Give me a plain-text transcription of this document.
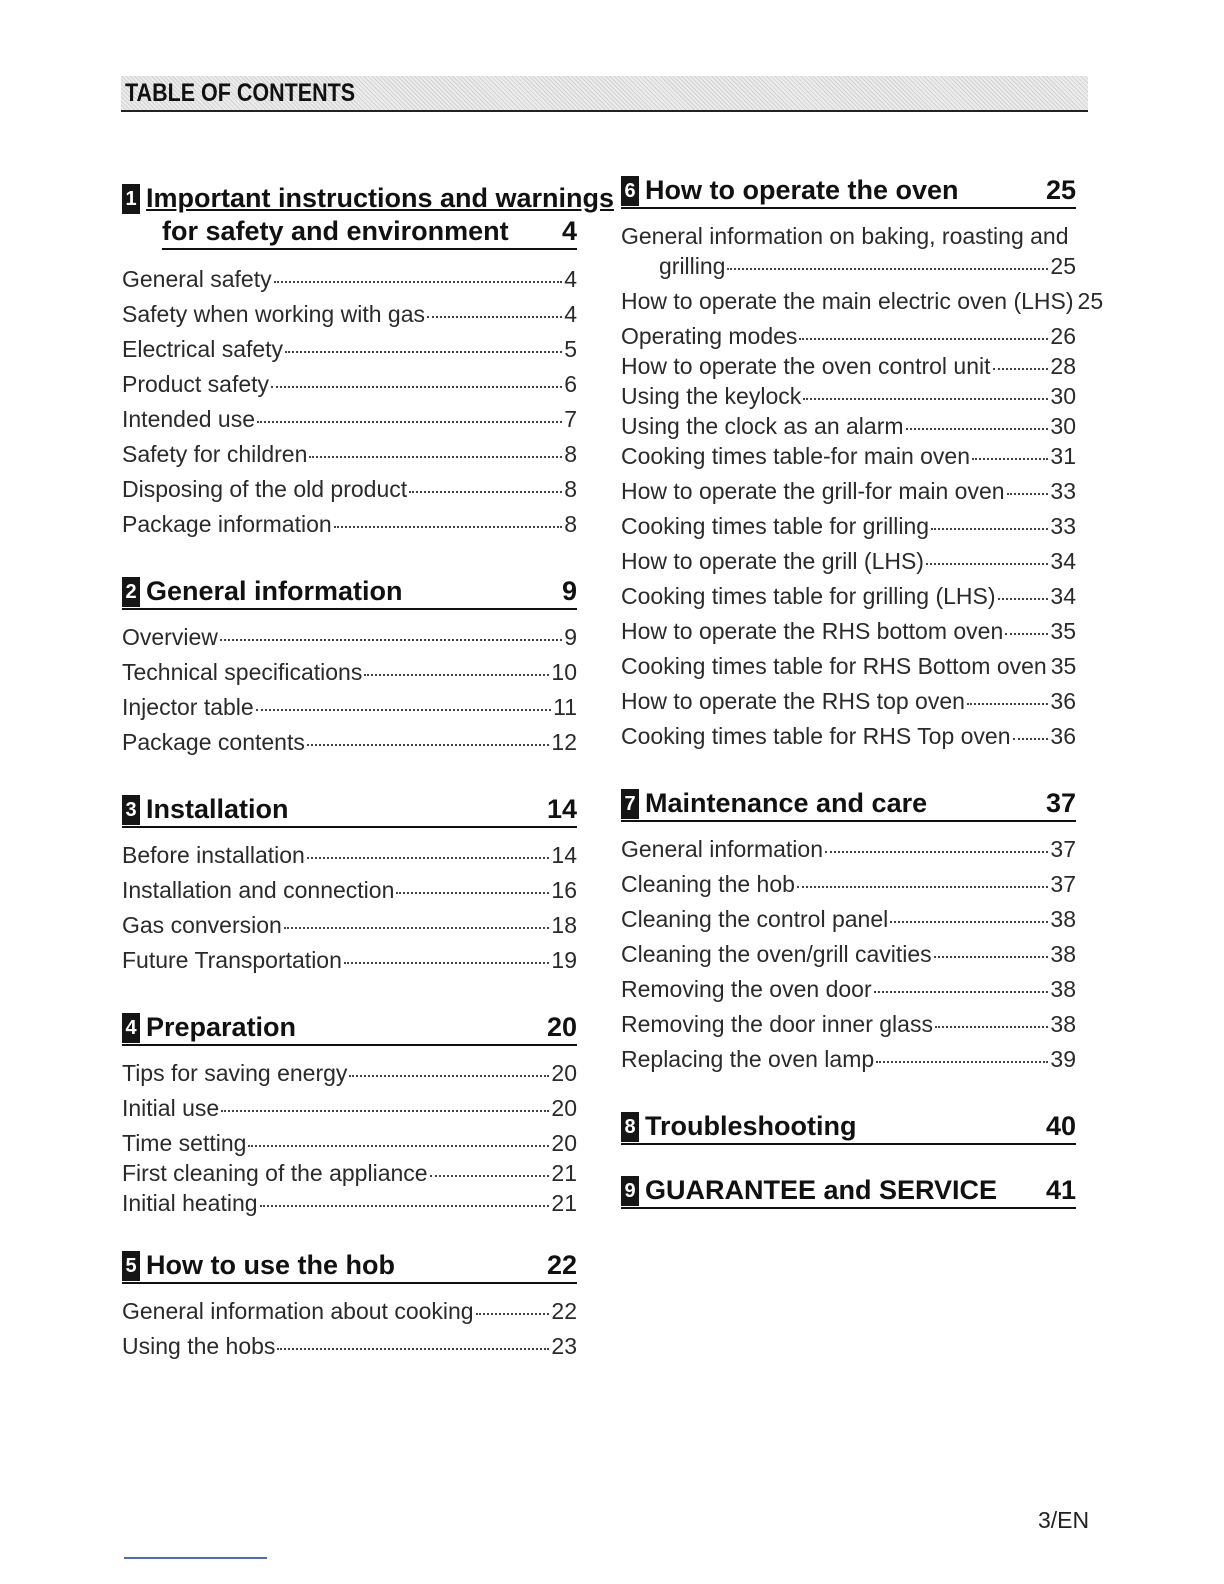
TABLE OF CONTENTS
1 Important instructions and warnings
for safety and environment	4
General safety	4
Safety when working with gas	4
Electrical safety	5
Product safety	6
Intended use	7
Safety for children	8
Disposing of the old product	8
Package information	8
2 General information	9
Overview	9
Technical specifications	10
Injector table	11
Package contents	12
3 Installation	14
Before installation	14
Installation and connection	16
Gas conversion	18
Future Transportation	19
4 Preparation	20
Tips for saving energy	20
Initial use	20
Time setting	20
First cleaning of the appliance	21
Initial heating	21
5 How to use the hob	22
General information about cooking	22
Using the hobs	23
6 How to operate the oven	25
General information on baking, roasting and
grilling	25
How to operate the main electric oven (LHS) 25
Operating modes	26
How to operate the oven control unit	28
Using the keylock	30
Using the clock as an alarm	30
Cooking times table-for main oven	31
How to operate the grill-for main oven 33
Cooking times table for grilling	33
How to operate the grill (LHS)	34
Cooking times table for grilling (LHS) 34
How to operate the RHS bottom oven 35
Cooking times table for RHS Bottom oven 35
How to operate the RHS top oven	36
Cooking times table for RHS Top oven 36
7 Maintenance and care	37
General information	37
Cleaning the hob	37
Cleaning the control panel	38
Cleaning the oven/grill cavities	38
Removing the oven door	38
Removing the door inner glass	38
Replacing the oven lamp	39
8 Troubleshooting	40
9 GUARANTEE and SERVICE	41
3/EN
